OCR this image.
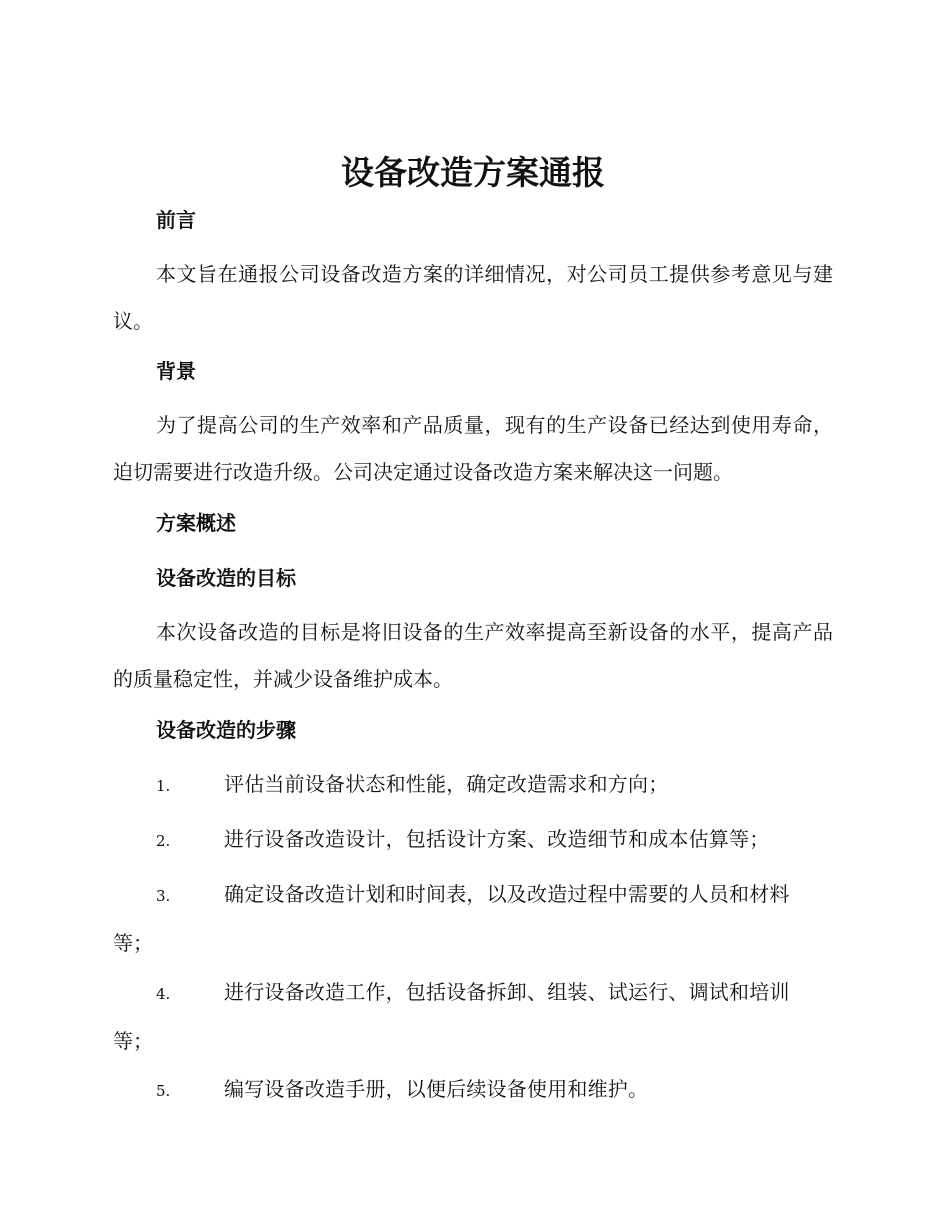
设备改造方案通报
前言

本文旨在通报公司设备改造方案的详细情况，对公司员工提供参考意见与建议。

背景

为了提高公司的生产效率和产品质量，现有的生产设备已经达到使用寿命，迫切需要进行改造升级。公司决定通过设备改造方案来解决这一问题。

方案概述
设备改造的目标

本次设备改造的目标是将旧设备的生产效率提高至新设备的水平，提高产品的质量稳定性，并减少设备维护成本。

设备改造的步骤
1.	评估当前设备状态和性能，确定改造需求和方向；
2.	进行设备改造设计，包括设计方案、改造细节和成本估算等；
3.	确定设备改造计划和时间表，以及改造过程中需要的人员和材料
等；
4.	进行设备改造工作，包括设备拆卸、组装、试运行、调试和培训
等；
5.	编写设备改造手册，以便后续设备使用和维护。
